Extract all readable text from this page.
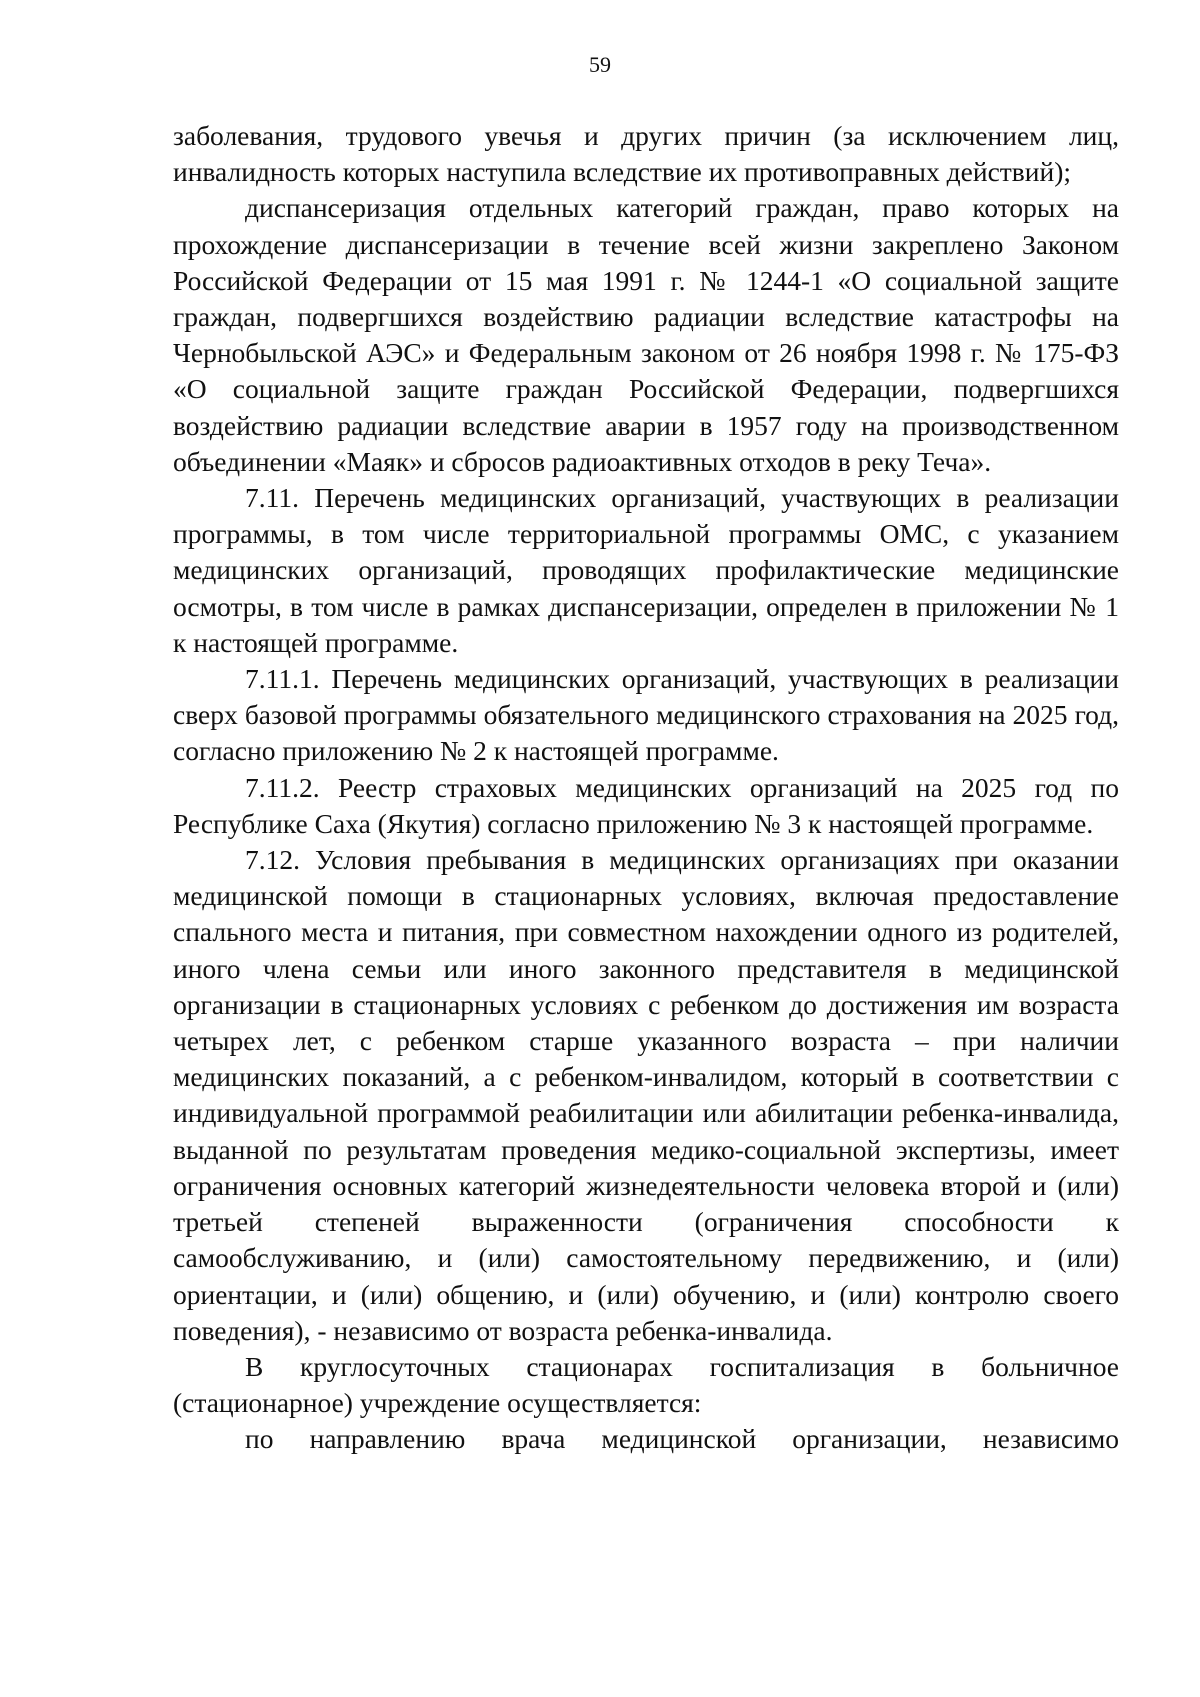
59

заболевания, трудового увечья и других причин (за исключением лиц, инвалидность которых наступила вследствие их противоправных действий);

диспансеризация отдельных категорий граждан, право которых на прохождение диспансеризации в течение всей жизни закреплено Законом Российской Федерации от 15 мая 1991 г. № 1244-1 «О социальной защите граждан, подвергшихся воздействию радиации вследствие катастрофы на Чернобыльской АЭС» и Федеральным законом от 26 ноября 1998 г. № 175-ФЗ «О социальной защите граждан Российской Федерации, подвергшихся воздействию радиации вследствие аварии в 1957 году на производственном объединении «Маяк» и сбросов радиоактивных отходов в реку Теча».

7.11. Перечень медицинских организаций, участвующих в реализации программы, в том числе территориальной программы ОМС, с указанием медицинских организаций, проводящих профилактические медицинские осмотры, в том числе в рамках диспансеризации, определен в приложении № 1 к настоящей программе.

7.11.1. Перечень медицинских организаций, участвующих в реализации сверх базовой программы обязательного медицинского страхования на 2025 год, согласно приложению № 2 к настоящей программе.

7.11.2. Реестр страховых медицинских организаций на 2025 год по Республике Саха (Якутия) согласно приложению № 3 к настоящей программе.

7.12. Условия пребывания в медицинских организациях при оказании медицинской помощи в стационарных условиях, включая предоставление спального места и питания, при совместном нахождении одного из родителей, иного члена семьи или иного законного представителя в медицинской организации в стационарных условиях с ребенком до достижения им возраста четырех лет, с ребенком старше указанного возраста – при наличии медицинских показаний, а с ребенком-инвалидом, который в соответствии с индивидуальной программой реабилитации или абилитации ребенка-инвалида, выданной по результатам проведения медико-социальной экспертизы, имеет ограничения основных категорий жизнедеятельности человека второй и (или) третьей степеней выраженности (ограничения способности к самообслуживанию, и (или) самостоятельному передвижению, и (или) ориентации, и (или) общению, и (или) обучению, и (или) контролю своего поведения), - независимо от возраста ребенка-инвалида.

В круглосуточных стационарах госпитализация в больничное (стационарное) учреждение осуществляется:

по направлению врача медицинской организации, независимо
